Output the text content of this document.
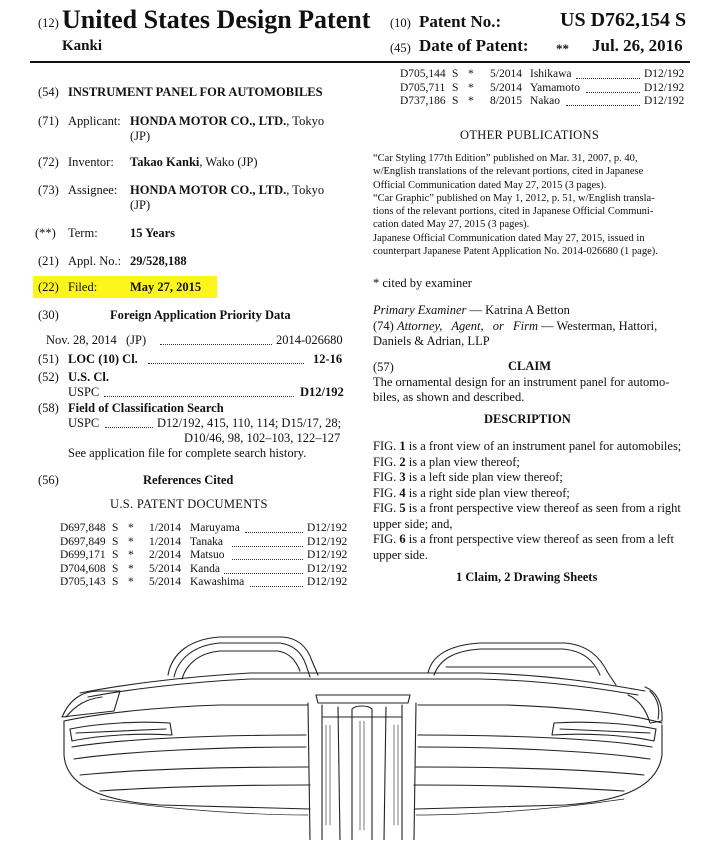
(12) United States Design Patent
Kanki
(10) Patent No.:	US D762,154 S
(45) Date of Patent: ** Jul. 26, 2016
(54) INSTRUMENT PANEL FOR AUTOMOBILES
(71) Applicant: HONDA MOTOR CO., LTD., Tokyo
(JP)
(72) Inventor: Takao Kanki, Wako (JP)
(73) Assignee: HONDA MOTOR CO., LTD., Tokyo
(JP)
(**) Term:	15 Years
(21) Appl. No.: 29/528,188
(22) Filed:	May 27, 2015
(30)	Foreign Application Priority Data
Nov. 28, 2014 (JP)	2014-026680
(51) LOC (10) Cl.	12-16
(52) U.S. Cl.
USPC	D12/192
(58) Field of Classification Search
USPC	D12/192, 415, 110, 114; D15/17, 28;
D10/46, 98, 102–103, 122–127
See application file for complete search history.
(56)	References Cited
U.S. PATENT DOCUMENTS
D697,848 S * 1/2014 Maruyama	D12/192
D697,849 S * 1/2014 Tanaka	D12/192
D699,171 S * 2/2014 Matsuo	D12/192
D704,608 S * 5/2014 Kanda	D12/192
D705,143 S * 5/2014 Kawashima	D12/192
D705,144 S * 5/2014 Ishikawa	D12/192
D705,711 S * 5/2014 Yamamoto	D12/192
D737,186 S * 8/2015 Nakao	D12/192
OTHER PUBLICATIONS
“Car Styling 177th Edition” published on Mar. 31, 2007, p. 40,
w/English translations of the relevant portions, cited in Japanese
Official Communication dated May 27, 2015 (3 pages).
“Car Graphic” published on May 1, 2012, p. 51, w/English transla-
tions of the relevant portions, cited in Japanese Official Communi-
cation dated May 27, 2015 (3 pages).
Japanese Official Communication dated May 27, 2015, issued in
counterpart Japanese Patent Application No. 2014-026680 (1 page).
* cited by examiner
Primary Examiner — Katrina A Betton
(74) Attorney, Agent, or Firm — Westerman, Hattori,
Daniels & Adrian, LLP
(57)	CLAIM
The ornamental design for an instrument panel for automo-
biles, as shown and described.
DESCRIPTION
FIG. 1 is a front view of an instrument panel for automobiles;
FIG. 2 is a plan view thereof;
FIG. 3 is a left side plan view thereof;
FIG. 4 is a right side plan view thereof;
FIG. 5 is a front perspective view thereof as seen from a right
upper side; and,
FIG. 6 is a front perspective view thereof as seen from a left
upper side.
1 Claim, 2 Drawing Sheets
